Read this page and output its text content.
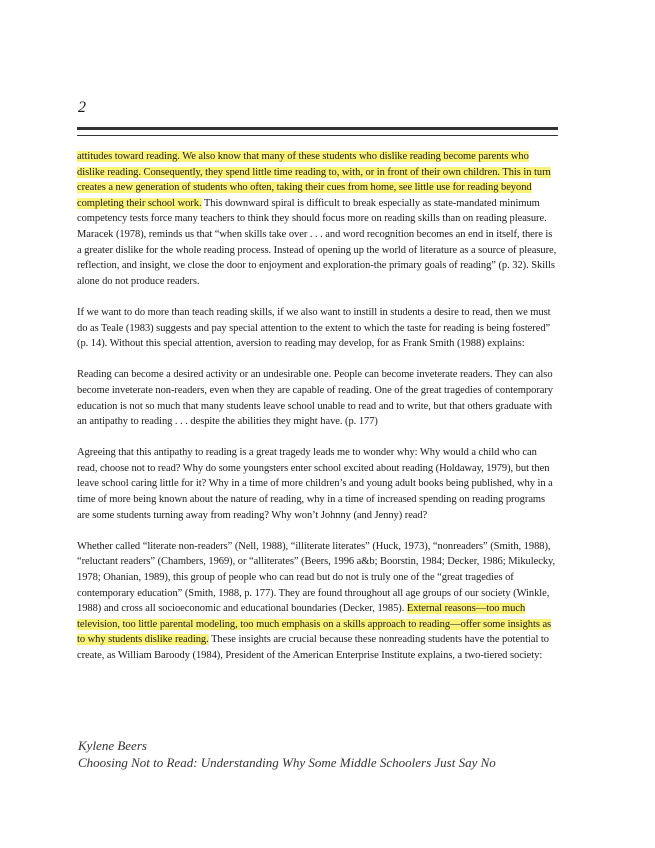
2

attitudes toward reading. We also know that many of these students who dislike reading become parents who dislike reading. Consequently, they spend little time reading to, with, or in front of their own children. This in turn creates a new generation of students who often, taking their cues from home, see little use for reading beyond completing their school work. This downward spiral is difficult to break especially as state-mandated minimum competency tests force many teachers to think they should focus more on reading skills than on reading pleasure. Maracek (1978), reminds us that “when skills take over . . . and word recognition becomes an end in itself, there is a greater dislike for the whole reading process. Instead of opening up the world of literature as a source of pleasure, reflection, and insight, we close the door to enjoyment and exploration-the primary goals of reading” (p. 32). Skills alone do not produce readers.

If we want to do more than teach reading skills, if we also want to instill in students a desire to read, then we must do as Teale (1983) suggests and pay special attention to the extent to which the taste for reading is being fostered” (p. 14). Without this special attention, aversion to reading may develop, for as Frank Smith (1988) explains:

Reading can become a desired activity or an undesirable one. People can become inveterate readers. They can also become inveterate non-readers, even when they are capable of reading. One of the great tragedies of contemporary education is not so much that many students leave school unable to read and to write, but that others graduate with an antipathy to reading . . . despite the abilities they might have. (p. 177)

Agreeing that this antipathy to reading is a great tragedy leads me to wonder why: Why would a child who can read, choose not to read? Why do some youngsters enter school excited about reading (Holdaway, 1979), but then leave school caring little for it? Why in a time of more children’s and young adult books being published, why in a time of more being known about the nature of reading, why in a time of increased spending on reading programs are some students turning away from reading? Why won’t Johnny (and Jenny) read?

Whether called “literate non-readers” (Nell, 1988), “illiterate literates” (Huck, 1973), “nonreaders” (Smith, 1988), “reluctant readers” (Chambers, 1969), or “alliterates” (Beers, 1996 a&b; Boorstin, 1984; Decker, 1986; Mikulecky, 1978; Ohanian, 1989), this group of people who can read but do not is truly one of the “great tragedies of contemporary education” (Smith, 1988, p. 177). They are found throughout all age groups of our society (Winkle, 1988) and cross all socioeconomic and educational boundaries (Decker, 1985). External reasons—too much television, too little parental modeling, too much emphasis on a skills approach to reading—offer some insights as to why students dislike reading. These insights are crucial because these nonreading students have the potential to create, as William Baroody (1984), President of the American Enterprise Institute explains, a two-tiered society:

Kylene Beers
Choosing Not to Read: Understanding Why Some Middle Schoolers Just Say No
